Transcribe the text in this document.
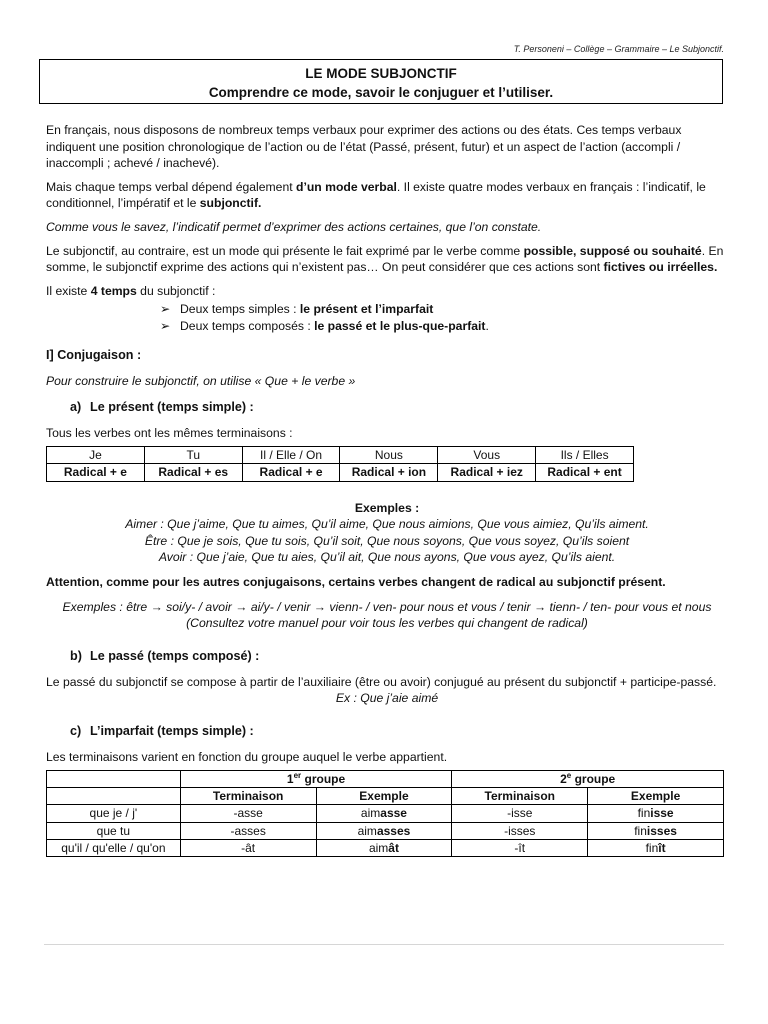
T. Personeni – Collège – Grammaire – Le Subjonctif.
LE MODE SUBJONCTIF
Comprendre ce mode, savoir le conjuguer et l’utiliser.

En français, nous disposons de nombreux temps verbaux pour exprimer des actions ou des états. Ces temps verbaux indiquent une position chronologique de l’action ou de l’état (Passé, présent, futur) et un aspect de l’action (accompli / inaccompli ; achevé / inachevé).

Mais chaque temps verbal dépend également d’un mode verbal. Il existe quatre modes verbaux en français : l’indicatif, le conditionnel, l’impératif et le subjonctif.

Comme vous le savez, l’indicatif permet d’exprimer des actions certaines, que l’on constate.

Le subjonctif, au contraire, est un mode qui présente le fait exprimé par le verbe comme possible, supposé ou souhaité. En somme, le subjonctif exprime des actions qui n’existent pas… On peut considérer que ces actions sont fictives ou irréelles.

Il existe 4 temps du subjonctif :

➢ Deux temps simples : le présent et l’imparfait
➢ Deux temps composés : le passé et le plus-que-parfait.
I] Conjugaison :

Pour construire le subjonctif, on utilise « Que + le verbe »

a) Le présent (temps simple) :

Tous les verbes ont les mêmes terminaisons :

Je	Tu	Il / Elle / On	Nous	Vous	Ils / Elles
Radical + e	Radical + es	Radical + e	Radical + ion	Radical + iez	Radical + ent

Exemples :

Aimer : Que j’aime, Que tu aimes, Qu’il aime, Que nous aimions, Que vous aimiez, Qu’ils aiment.

Être : Que je sois, Que tu sois, Qu’il soit, Que nous soyons, Que vous soyez, Qu’ils soient

Avoir : Que j’aie, Que tu aies, Qu’il ait, Que nous ayons, Que vous ayez, Qu’ils aient.

Attention, comme pour les autres conjugaisons, certains verbes changent de radical au subjonctif présent.

Exemples : être → soi/y- / avoir → ai/y- / venir → vienn- / ven- pour nous et vous / tenir → tienn- / ten- pour vous et nous

(Consultez votre manuel pour voir tous les verbes qui changent de radical)

b) Le passé (temps composé) :

Le passé du subjonctif se compose à partir de l’auxiliaire (être ou avoir) conjugué au présent du subjonctif + participe-passé.

Ex : Que j’aie aimé

c) L’imparfait (temps simple) :

Les terminaisons varient en fonction du groupe auquel le verbe appartient.

	1er groupe		2e groupe	
	Terminaison	Exemple	Terminaison	Exemple
que je / j'	-asse	aimasse	-isse	finisse
que tu	-asses	aimasses	-isses	finisses
qu'il / qu'elle / qu'on	-ât	aimât	-ît	finît
